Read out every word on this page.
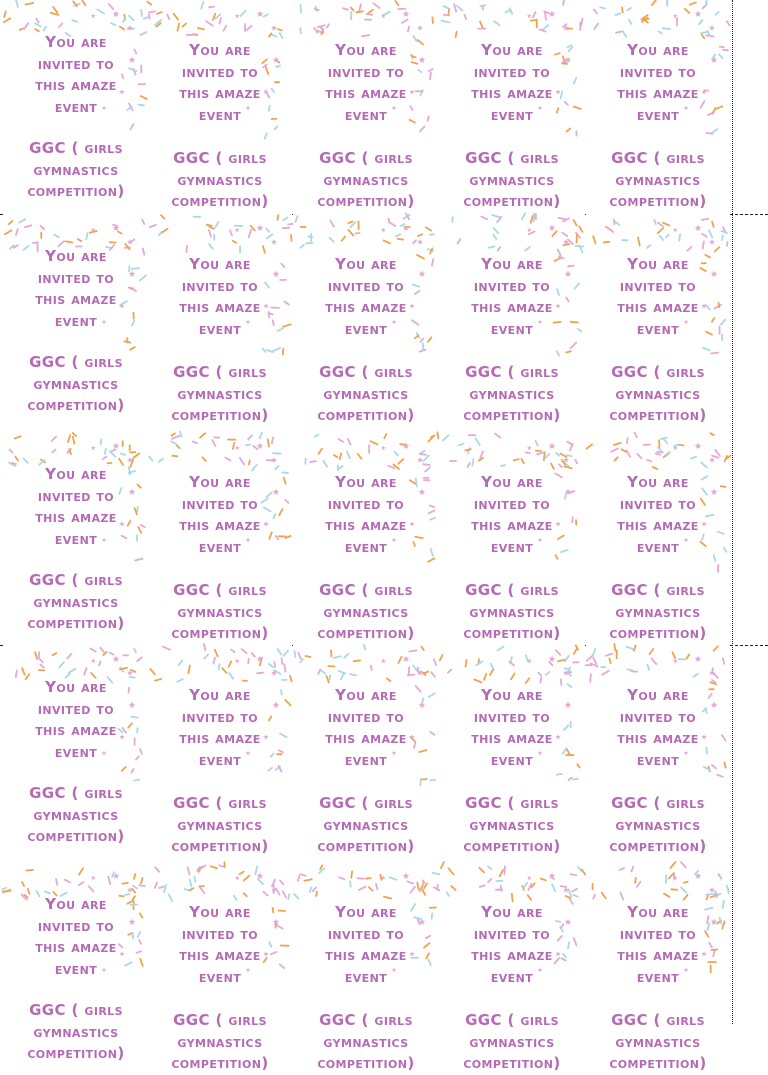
You are
invited to
this amaze
event
GGC ( girls
gymnastics
competition)
You are
invited to
this amaze
event
GGC ( girls
gymnastics
competition)
You are
invited to
this amaze
event
GGC ( girls
gymnastics
competition)
You are
invited to
this amaze
event
GGC ( girls
gymnastics
competition)
You are
invited to
this amaze
event
GGC ( girls
gymnastics
competition)
You are
invited to
this amaze
event
GGC ( girls
gymnastics
competition)
You are
invited to
this amaze
event
GGC ( girls
gymnastics
competition)
You are
invited to
this amaze
event
GGC ( girls
gymnastics
competition)
You are
invited to
this amaze
event
GGC ( girls
gymnastics
competition)
You are
invited to
this amaze
event
GGC ( girls
gymnastics
competition)
You are
invited to
this amaze
event
GGC ( girls
gymnastics
competition)
You are
invited to
this amaze
event
GGC ( girls
gymnastics
competition)
You are
invited to
this amaze
event
GGC ( girls
gymnastics
competition)
You are
invited to
this amaze
event
GGC ( girls
gymnastics
competition)
You are
invited to
this amaze
event
GGC ( girls
gymnastics
competition)
You are
invited to
this amaze
event
GGC ( girls
gymnastics
competition)
You are
invited to
this amaze
event
GGC ( girls
gymnastics
competition)
You are
invited to
this amaze
event
GGC ( girls
gymnastics
competition)
You are
invited to
this amaze
event
GGC ( girls
gymnastics
competition)
You are
invited to
this amaze
event
GGC ( girls
gymnastics
competition)
You are
invited to
this amaze
event
GGC ( girls
gymnastics
competition)
You are
invited to
this amaze
event
GGC ( girls
gymnastics
competition)
You are
invited to
this amaze
event
GGC ( girls
gymnastics
competition)
You are
invited to
this amaze
event
GGC ( girls
gymnastics
competition)
You are
invited to
this amaze
event
GGC ( girls
gymnastics
competition)
